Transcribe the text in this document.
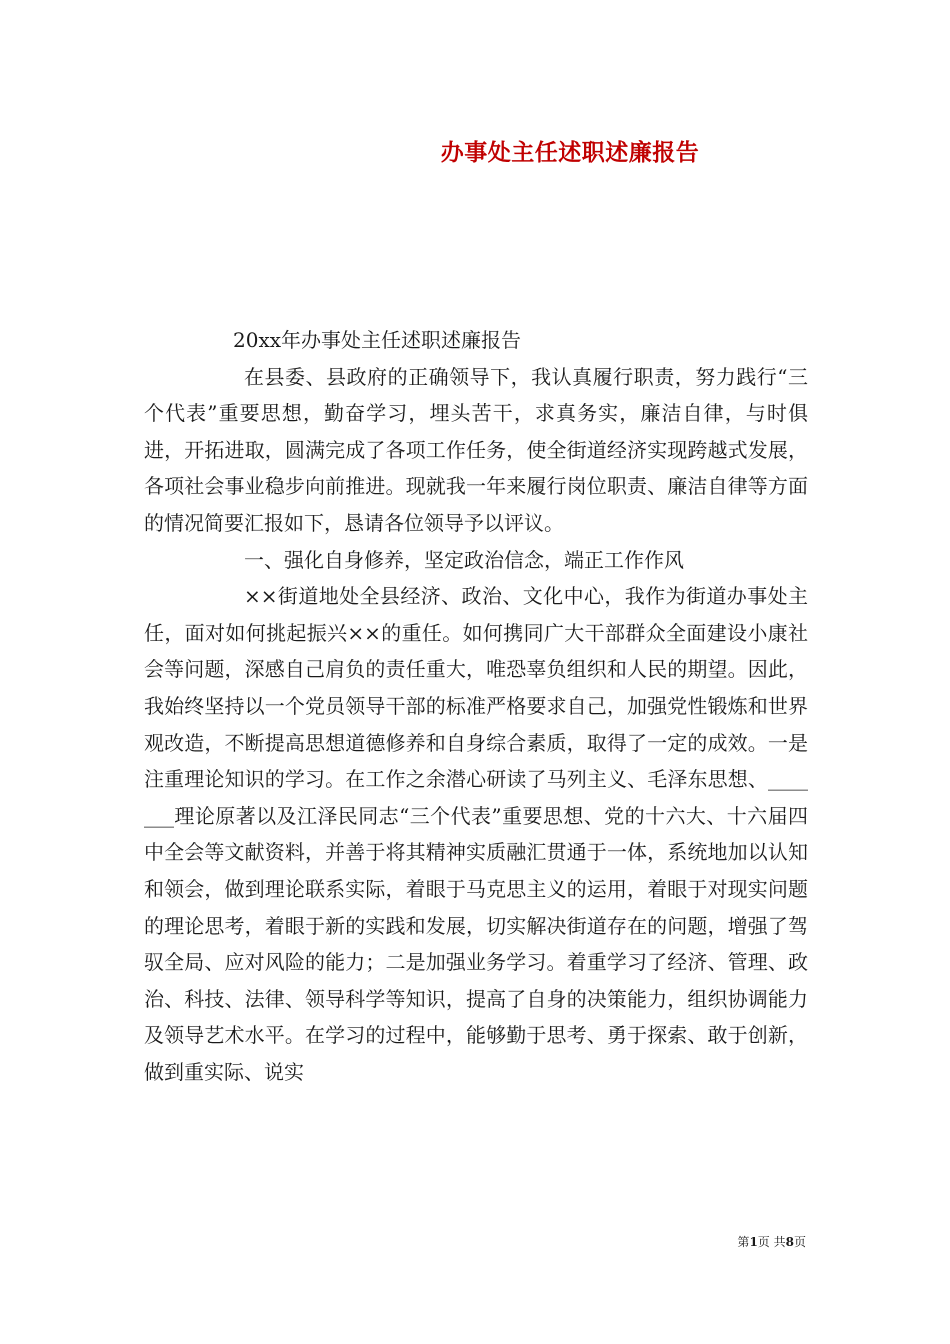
办事处主任述职述廉报告

20xx年办事处主任述职述廉报告

在县委、县政府的正确领导下，我认真履行职责，努力践行“三个代表”重要思想，勤奋学习，埋头苦干，求真务实，廉洁自律，与时俱进，开拓进取，圆满完成了各项工作任务，使全街道经济实现跨越式发展，各项社会事业稳步向前推进。现就我一年来履行岗位职责、廉洁自律等方面的情况简要汇报如下，恳请各位领导予以评议。

一、强化自身修养，坚定政治信念，端正工作作风

××街道地处全县经济、政治、文化中心，我作为街道办事处主任，面对如何挑起振兴××的重任。如何携同广大干部群众全面建设小康社会等问题，深感自己肩负的责任重大，唯恐辜负组织和人民的期望。因此，我始终坚持以一个党员领导干部的标准严格要求自己，加强党性锻炼和世界观改造，不断提高思想道德修养和自身综合素质，取得了一定的成效。一是注重理论知识的学习。在工作之余潜心研读了马列主义、毛泽东思想、_______理论原著以及江泽民同志“三个代表”重要思想、党的十六大、十六届四中全会等文献资料，并善于将其精神实质融汇贯通于一体，系统地加以认知和领会，做到理论联系实际，着眼于马克思主义的运用，着眼于对现实问题的理论思考，着眼于新的实践和发展，切实解决街道存在的问题，增强了驾驭全局、应对风险的能力；二是加强业务学习。着重学习了经济、管理、政治、科技、法律、领导科学等知识，提高了自身的决策能力，组织协调能力及领导艺术水平。在学习的过程中，能够勤于思考、勇于探索、敢于创新，做到重实际、说实

第1页 共8页
